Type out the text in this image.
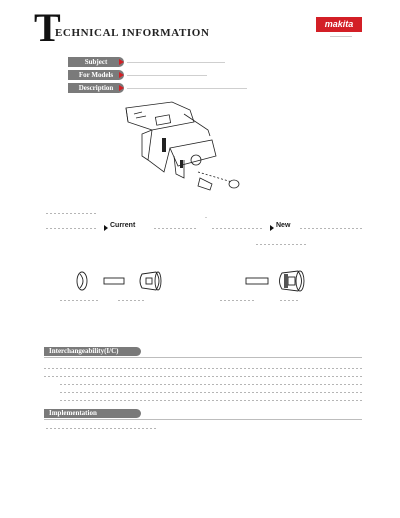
T
ECHNICAL INFORMATION
makita
Subject
For Models
Description
Current	New
Interchangeability(I/C)
Implementation
